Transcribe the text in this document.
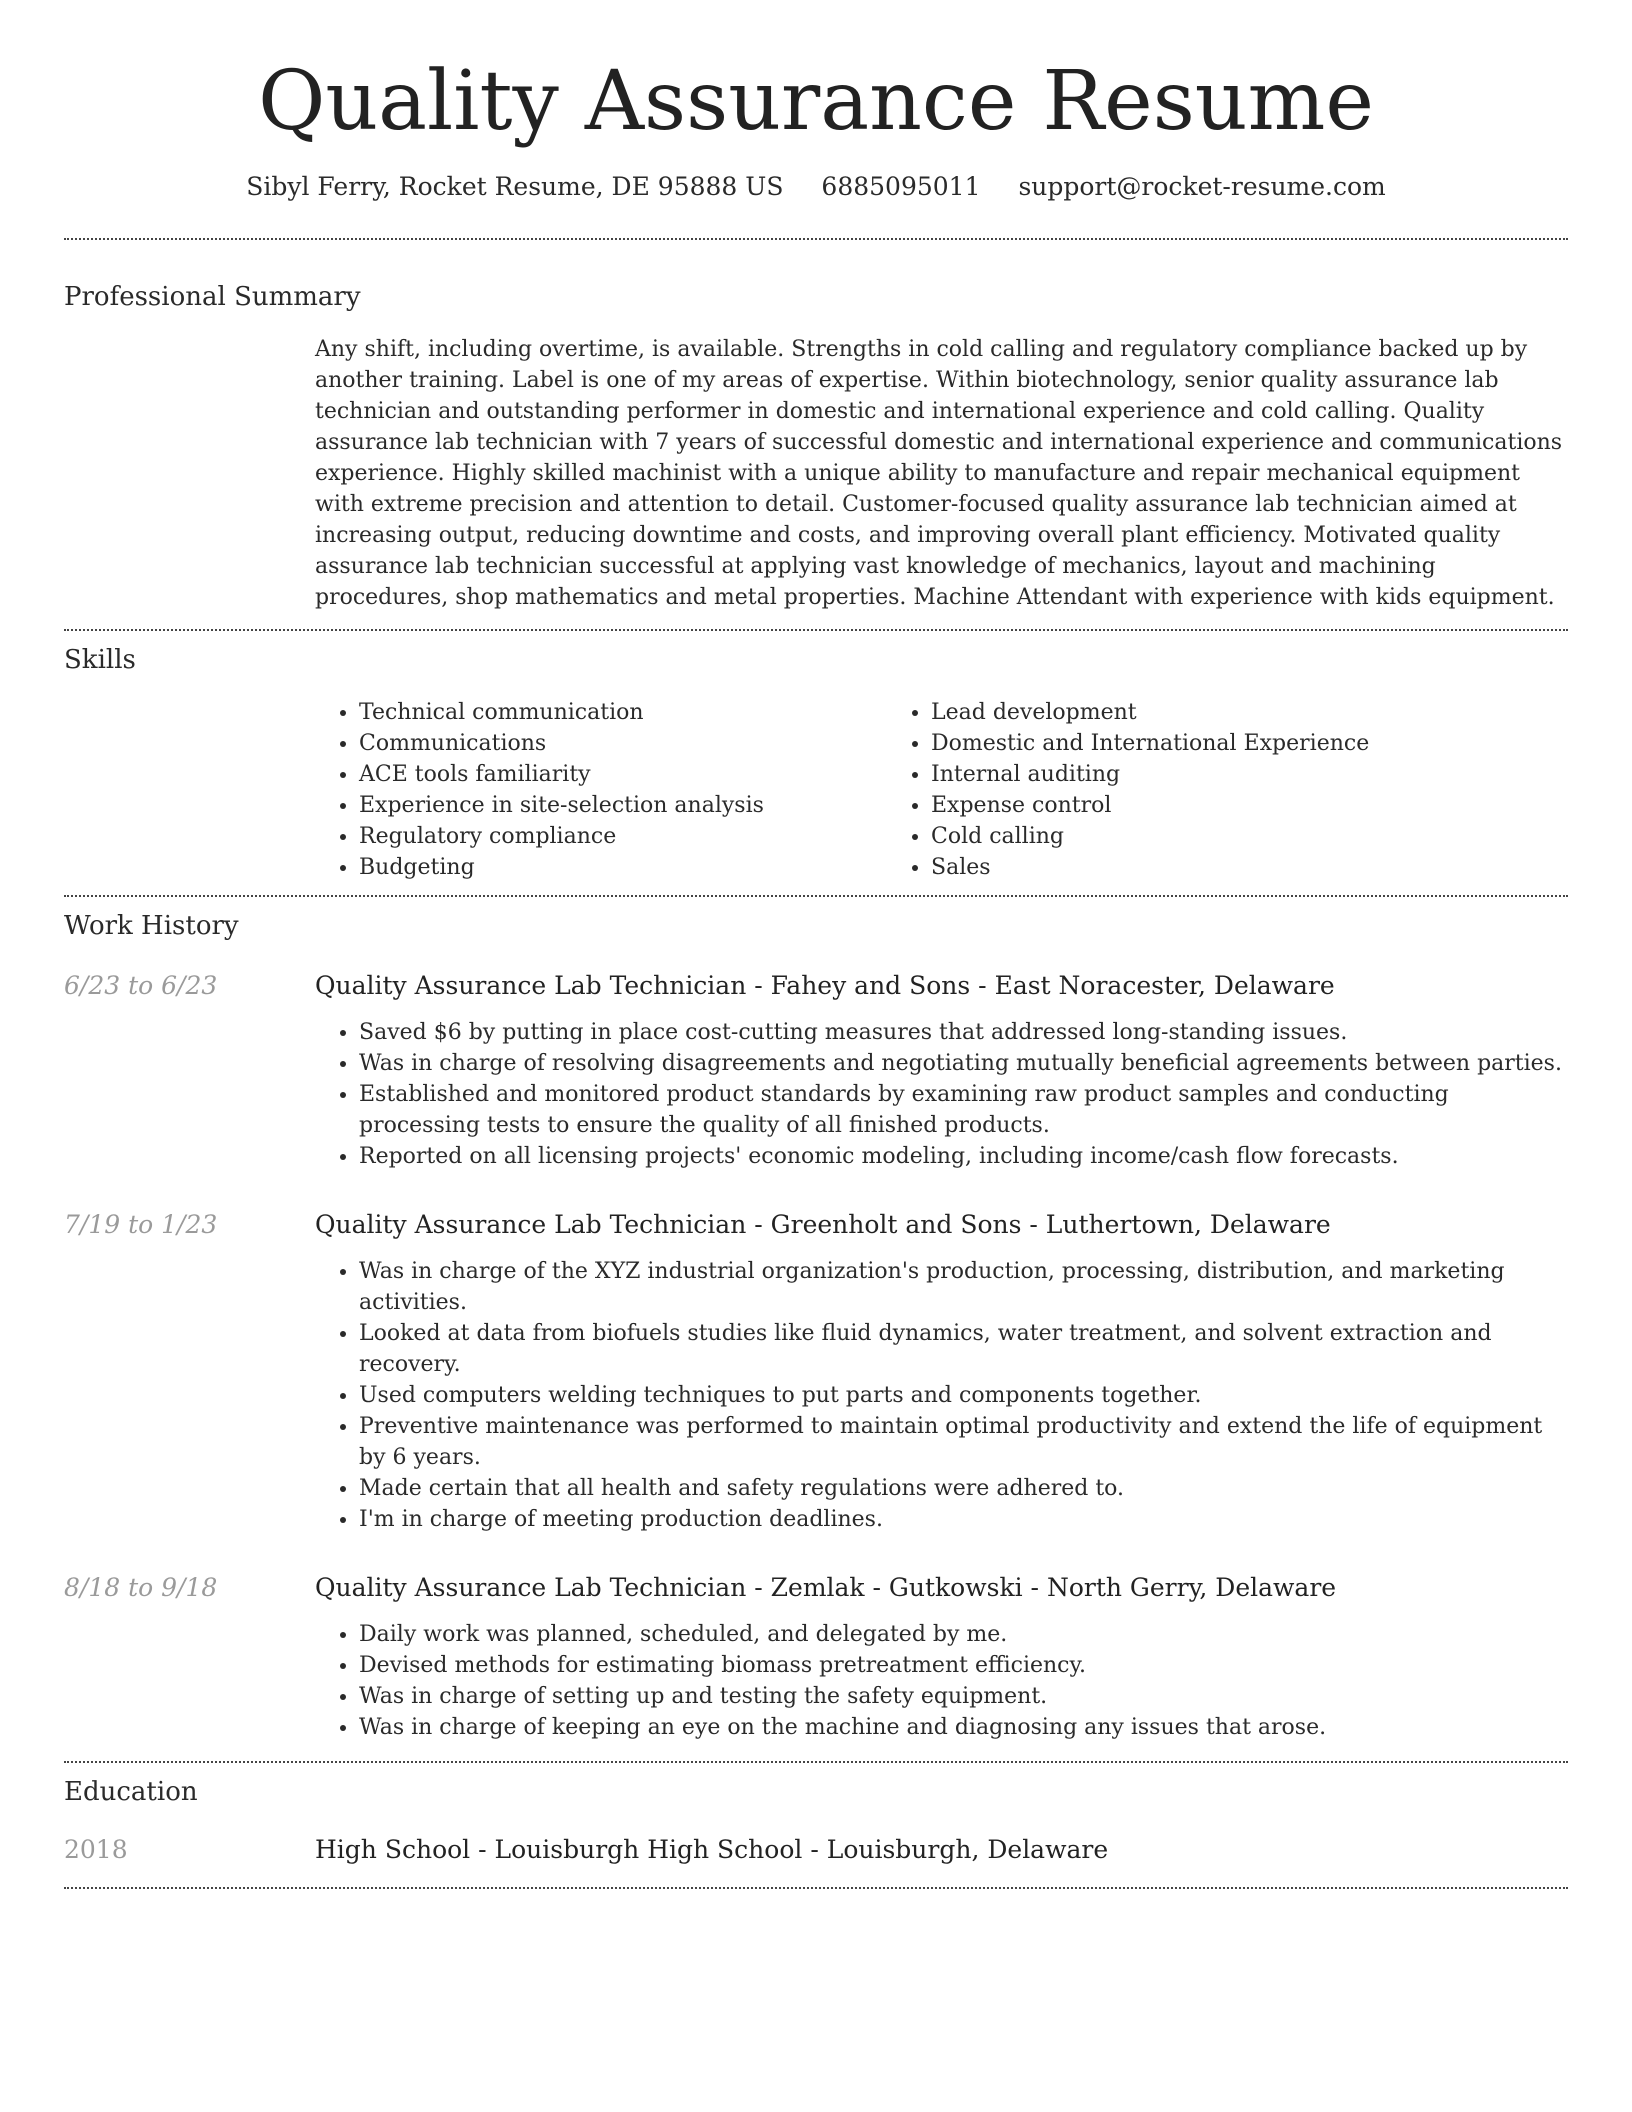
Quality Assurance Resume
Sibyl Ferry, Rocket Resume, DE 95888 US 6885095011 support@rocket-resume.com
Professional Summary

Any shift, including overtime, is available. Strengths in cold calling and regulatory compliance backed up by another training. Label is one of my areas of expertise. Within biotechnology, senior quality assurance lab technician and outstanding performer in domestic and international experience and cold calling. Quality assurance lab technician with 7 years of successful domestic and international experience and communications experience. Highly skilled machinist with a unique ability to manufacture and repair mechanical equipment with extreme precision and attention to detail. Customer-focused quality assurance lab technician aimed at increasing output, reducing downtime and costs, and improving overall plant efficiency. Motivated quality assurance lab technician successful at applying vast knowledge of mechanics, layout and machining procedures, shop mathematics and metal properties. Machine Attendant with experience with kids equipment.

Skills
• Technical communication
• Communications
• ACE tools familiarity
• Experience in site-selection analysis
• Regulatory compliance
• Budgeting
• Lead development
• Domestic and International Experience
• Internal auditing
• Expense control
• Cold calling
• Sales
Work History
6/23 to 6/23	Quality Assurance Lab Technician - Fahey and Sons - East Noracester, Delaware
• Saved $6 by putting in place cost-cutting measures that addressed long-standing issues.
• Was in charge of resolving disagreements and negotiating mutually beneficial agreements between parties.
• Established and monitored product standards by examining raw product samples and conducting processing tests to ensure the quality of all finished products.
• Reported on all licensing projects' economic modeling, including income/cash flow forecasts.
7/19 to 1/23	Quality Assurance Lab Technician - Greenholt and Sons - Luthertown, Delaware
• Was in charge of the XYZ industrial organization's production, processing, distribution, and marketing activities.
• Looked at data from biofuels studies like fluid dynamics, water treatment, and solvent extraction and recovery.
• Used computers welding techniques to put parts and components together.
• Preventive maintenance was performed to maintain optimal productivity and extend the life of equipment by 6 years.
• Made certain that all health and safety regulations were adhered to.
• I'm in charge of meeting production deadlines.
8/18 to 9/18	Quality Assurance Lab Technician - Zemlak - Gutkowski - North Gerry, Delaware
• Daily work was planned, scheduled, and delegated by me.
• Devised methods for estimating biomass pretreatment efficiency.
• Was in charge of setting up and testing the safety equipment.
• Was in charge of keeping an eye on the machine and diagnosing any issues that arose.
Education
2018	High School - Louisburgh High School - Louisburgh, Delaware
